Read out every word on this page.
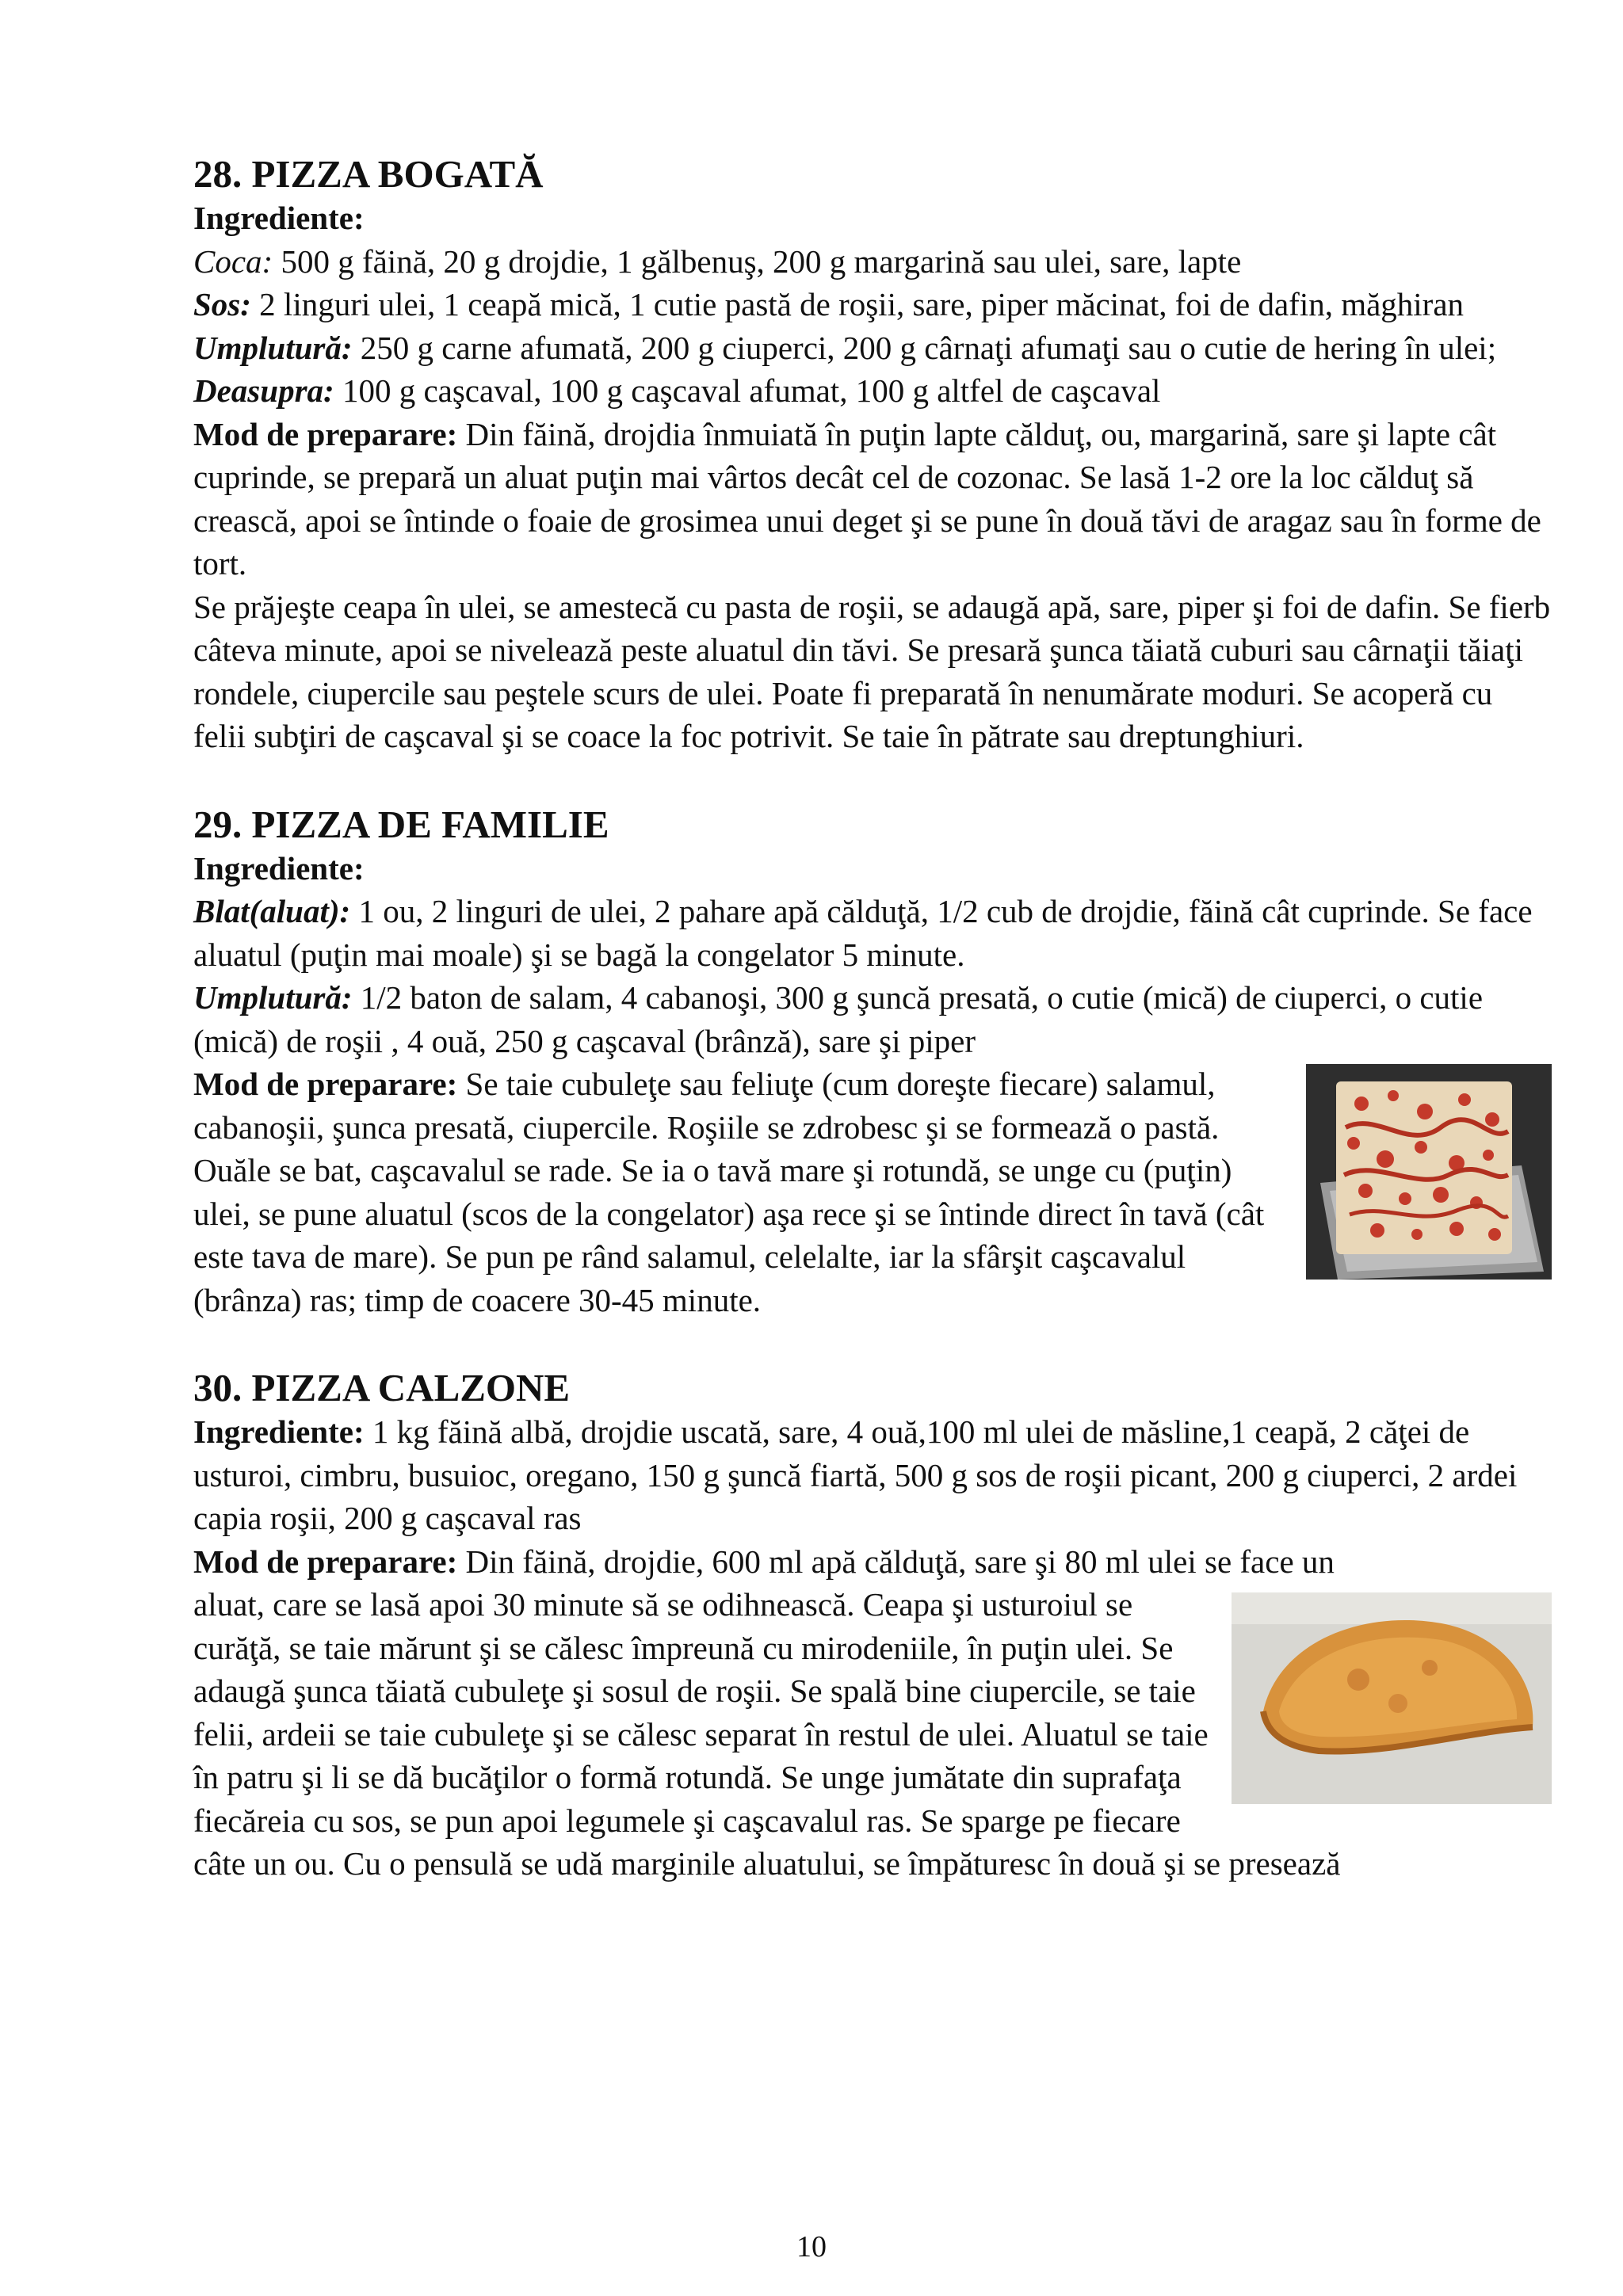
28. PIZZA BOGATĂ

Ingrediente:

Coca: 500 g făină, 20 g drojdie, 1 gălbenuş, 200 g margarină sau ulei, sare, lapte

Sos: 2 linguri ulei, 1 ceapă mică, 1 cutie pastă de roşii, sare, piper măcinat, foi de dafin, măghiran

Umplutură: 250 g carne afumată, 200 g ciuperci, 200 g cârnaţi afumaţi sau o cutie de hering în ulei;

Deasupra: 100 g caşcaval, 100 g caşcaval afumat, 100 g altfel de caşcaval

Mod de preparare: Din făină, drojdia înmuiată în puţin lapte călduţ, ou, margarină, sare şi lapte cât cuprinde, se prepară un aluat puţin mai vârtos decât cel de cozonac. Se lasă 1-2 ore la loc călduţ să crească, apoi se întinde o foaie de grosimea unui deget şi se pune în două tăvi de aragaz sau în forme de tort.

Se prăjeşte ceapa în ulei, se amestecă cu pasta de roşii, se adaugă apă, sare, piper şi foi de dafin. Se fierb câteva minute, apoi se nivelează peste aluatul din tăvi. Se presară şunca tăiată cuburi sau cârnaţii tăiaţi rondele, ciupercile sau peştele scurs de ulei. Poate fi preparată în nenumărate moduri. Se acoperă cu felii subţiri de caşcaval şi se coace la foc potrivit. Se taie în pătrate sau dreptunghiuri.

29. PIZZA DE FAMILIE

Ingrediente:

Blat(aluat): 1 ou, 2 linguri de ulei, 2 pahare apă călduţă, 1/2 cub de drojdie, făină cât cuprinde. Se face aluatul (puţin mai moale) şi se bagă la congelator 5 minute.

Umplutură: 1/2 baton de salam, 4 cabanoşi, 300 g şuncă presată, o cutie (mică) de ciuperci, o cutie (mică) de roşii , 4 ouă, 250 g caşcaval (brânză), sare şi piper

Mod de preparare: Se taie cubuleţe sau feliuţe (cum doreşte fiecare) salamul, cabanoşii, şunca presată, ciupercile. Roşiile se zdrobesc şi se formează o pastă. Ouăle se bat, caşcavalul se rade. Se ia o tavă mare şi rotundă, se unge cu (puţin) ulei, se pune aluatul (scos de la congelator) aşa rece şi se întinde direct în tavă (cât este tava de mare). Se pun pe rând salamul, celelalte, iar la sfârşit caşcavalul (brânza) ras; timp de coacere 30-45 minute.

30. PIZZA CALZONE

Ingrediente: 1 kg făină albă, drojdie uscată, sare, 4 ouă,100 ml ulei de măsline,1 ceapă, 2 căţei de usturoi, cimbru, busuioc, oregano, 150 g şuncă fiartă, 500 g sos de roşii picant, 200 g ciuperci, 2 ardei capia roşii, 200 g caşcaval ras

Mod de preparare: Din făină, drojdie, 600 ml apă călduţă, sare şi 80 ml ulei se face un

aluat, care se lasă apoi 30 minute să se odihnească. Ceapa şi usturoiul se curăţă, se taie mărunt şi se călesc împreună cu mirodeniile, în puţin ulei. Se adaugă şunca tăiată cubuleţe şi sosul de roşii. Se spală bine ciupercile, se taie felii, ardeii se taie cubuleţe şi se călesc separat în restul de ulei. Aluatul se taie în patru şi li se dă bucăţilor o formă rotundă. Se unge jumătate din suprafaţa fiecăreia cu sos, se pun apoi legumele şi caşcavalul ras. Se sparge pe fiecare câte un ou. Cu o pensulă se udă marginile aluatului, se împăturesc în două şi se presează

10
